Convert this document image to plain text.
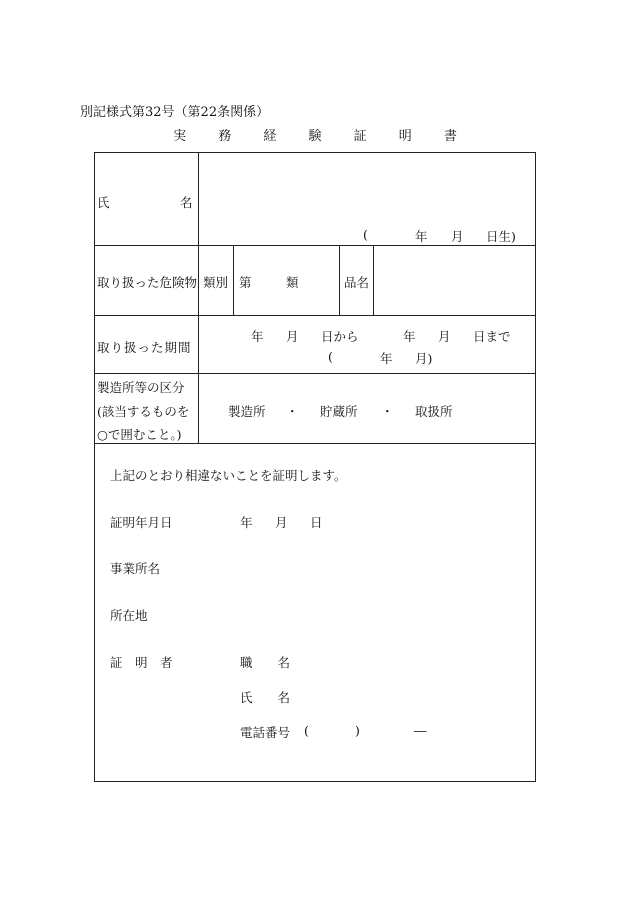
別記様式第32号（第22条関係）
実 務 経 験 証 明 書
氏	名
(	年 月 日生)
取り扱った危険物 類別 第	類	品名
取り扱った期間
年 月 日から	年 月 日まで
(	年 月)
製造所等の区分
(該当するものを
○で囲むこと。)
製造所 ・ 貯蔵所 ・ 取扱所
上記のとおり相違ないことを証明します。
証明年月日	年 月 日
事業所名
所在地
証　明　者	職　　名
氏　　名
電話番号 (	)	―
